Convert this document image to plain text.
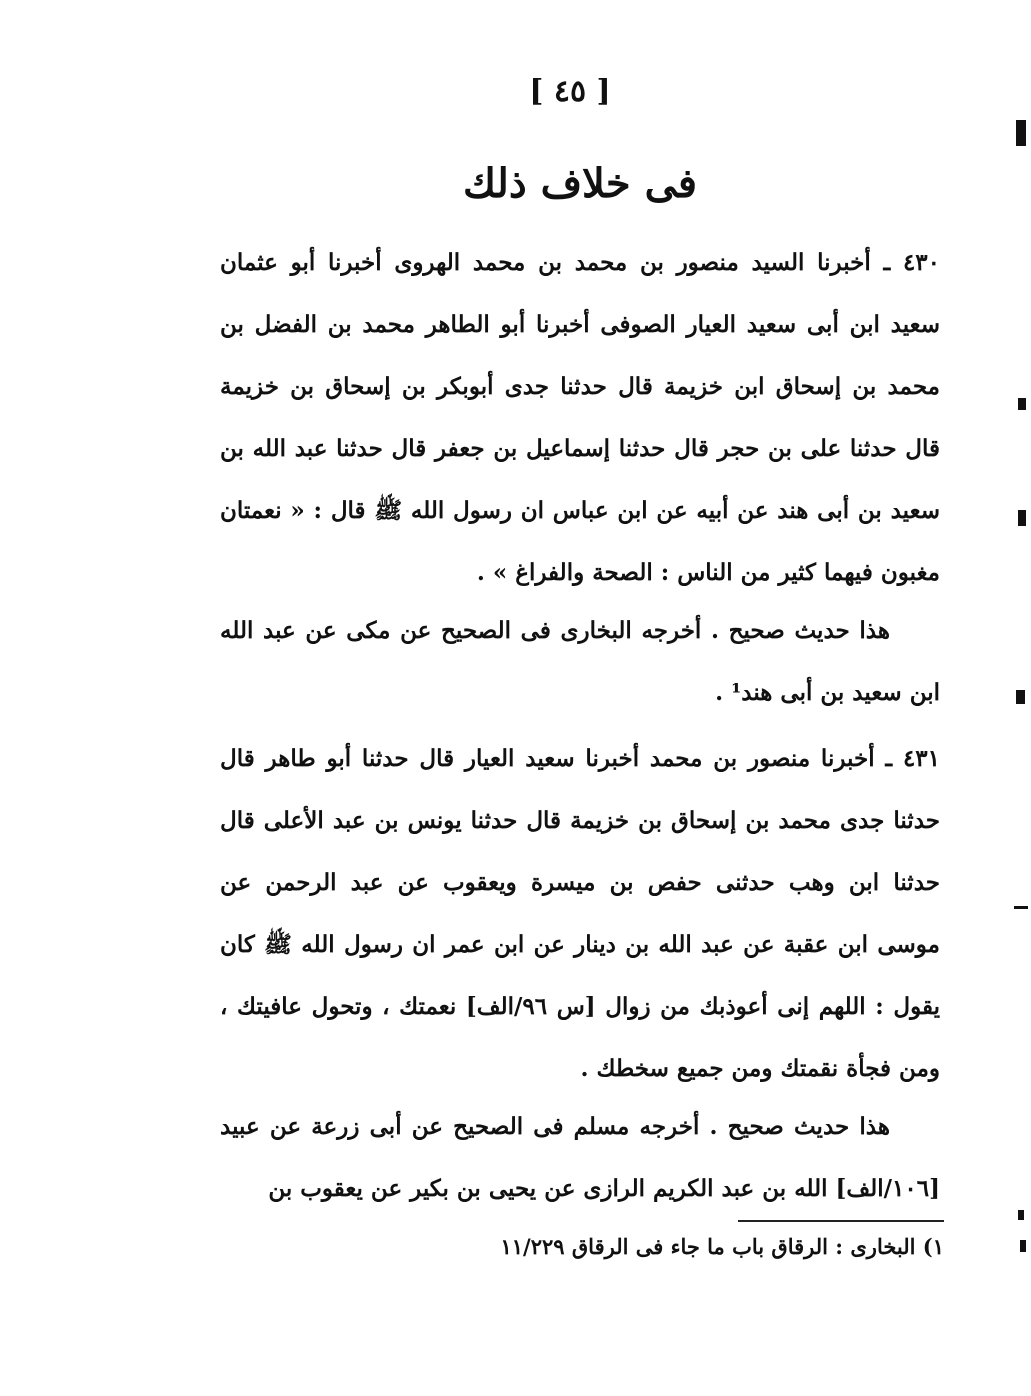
[ ٤٥ ]
فى خلاف ذلك

٤٣٠ ـ أخبرنا السيد منصور بن محمد بن محمد الهروى أخبرنا أبو عثمان سعيد ابن أبى سعيد العيار الصوفى أخبرنا أبو الطاهر محمد بن الفضل بن محمد بن إسحاق ابن خزيمة قال حدثنا جدى أبوبكر بن إسحاق بن خزيمة قال حدثنا على بن حجر قال حدثنا إسماعيل بن جعفر قال حدثنا عبد الله بن سعيد بن أبى هند عن أبيه عن ابن عباس ان رسول الله ﷺ قال : « نعمتان مغبون فيهما كثير من الناس : الصحة والفراغ » .

هذا حديث صحيح . أخرجه البخارى فى الصحيح عن مكى عن عبد الله ابن سعيد بن أبى هند¹ .

٤٣١ ـ أخبرنا منصور بن محمد أخبرنا سعيد العيار قال حدثنا أبو طاهر قال حدثنا جدى محمد بن إسحاق بن خزيمة قال حدثنا يونس بن عبد الأعلى قال حدثنا ابن وهب حدثنى حفص بن ميسرة ويعقوب عن عبد الرحمن عن موسى ابن عقبة عن عبد الله بن دينار عن ابن عمر ان رسول الله ﷺ كان يقول : اللهم إنى أعوذبك من زوال [س ٩٦/الف] نعمتك ، وتحول عافيتك ، ومن فجأة نقمتك ومن جميع سخطك .

هذا حديث صحيح . أخرجه مسلم فى الصحيح عن أبى زرعة عن عبيد [١٠٦/الف] الله بن عبد الكريم الرازى عن يحيى بن بكير عن يعقوب بن

١) البخارى : الرقاق باب ما جاء فى الرقاق ١١/٢٢٩
